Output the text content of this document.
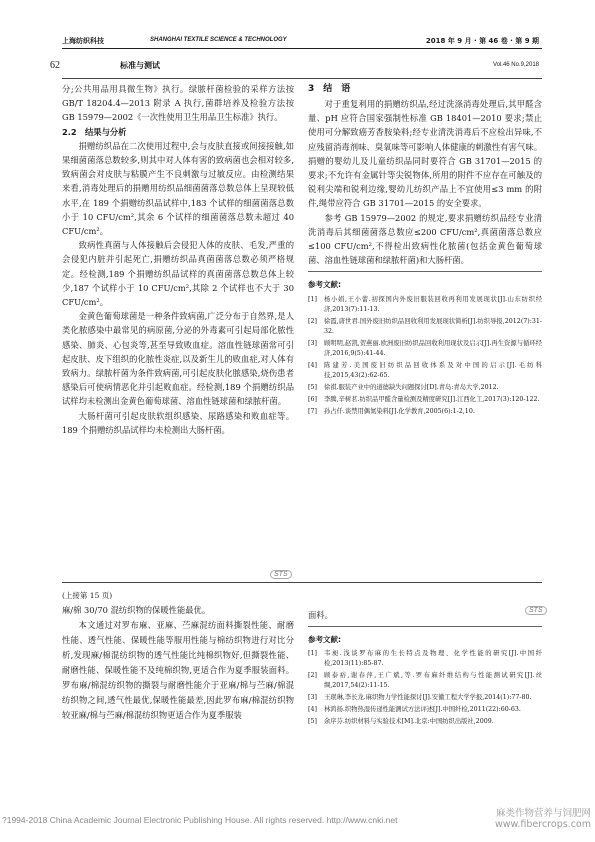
上海纺织科技	SHANGHAI TEXTILE SCIENCE & TECHNOLOGY	2018 年 9 月 · 第 46 卷 · 第 9 期
62	标准与测试	Vol.46 No.9,2018

分;公共用品用具微生物》执行。绿脓杆菌检验的采样方法按 GB/T 18204.4—2013 附录 A 执行,菌群培养及检验方法按 GB 15979—2002《一次性使用卫生用品卫生标准》执行。

2.2　结果与分析

捐赠纺织品在二次使用过程中,会与皮肤直接或间接接触,如果细菌菌落总数较多,则其中对人体有害的致病菌也会相对较多,致病菌会对皮肤与粘膜产生不良刺激与过敏反应。由检测结果来看,消毒处理后的捐赠用纺织品细菌菌落总数总体上呈现较低水平,在 189 个捐赠纺织品试样中,183 个试样的细菌菌落总数小于 10 CFU/cm²,其余 6 个试样的细菌菌落总数未超过 40 CFU/cm²。

致病性真菌与人体接触后会侵犯人体的皮肤、毛发,严重的会侵犯内脏并引起死亡,捐赠纺织品真菌菌落总数必须严格规定。经检测,189 个捐赠纺织品试样的真菌菌落总数总体上较少,187 个试样小于 10 CFU/cm²,其除 2 个试样也不大于 30 CFU/cm²。

金黄色葡萄球菌是一种条件致病菌,广泛分布于自然界,是人类化脓感染中最常见的病原菌,分泌的外毒素可引起局部化脓性感染、肺炎、心包炎等,甚至导致败血症。溶血性链球菌常可引起皮肤、皮下组织的化脓性炎症,以及新生儿的败血症,对人体有致病力。绿脓杆菌为条件致病菌,可引起皮肤化脓感染,烧伤患者感染后可使病情恶化并引起败血症。经检测,189 个捐赠纺织品试样均未检测出金黄色葡萄球菌、溶血性链球菌和绿脓杆菌。

大肠杆菌可引起皮肤软组织感染、尿路感染和败血症等。189 个捐赠纺织品试样均未检测出大肠杆菌。

3　结　语

对于重复利用的捐赠纺织品,经过洗涤消毒处理后,其甲醛含量、pH 应符合国家强制性标准 GB 18401—2010 要求;禁止使用可分解致癌芳香胺染料;经专业清洗消毒后不应检出异味,不应残留消毒剂味、臭氧味等可影响人体健康的刺激性有害气味。捐赠的婴幼儿及儿童纺织品同时要符合 GB 31701—2015 的要求;不允许有金属针等尖锐物体,所用的附件不应存在可触及的锐利尖端和锐利边缘,婴幼儿纺织产品上不宜使用≤3 mm 的附件,绳带应符合 GB 31701—2015 的安全要求。

参考 GB 15979—2002 的规定,要求捐赠纺织品经专业清洗消毒后其细菌菌落总数应≤200 CFU/cm²,真菌菌落总数应≤100 CFU/cm²,不得检出致病性化脓菌(包括金黄色葡萄球菌、溶血性链球菌和绿脓杆菌)和大肠杆菌。

参考文献:
[1]	杨小娟,王小蕾.初探国内外废旧服装回收再利用发展现状[J].山东纺织经济,2013(7):11-13.
[2]	徐霞,唐世君.国外废旧纺织品回收利用发展现状简析[J].纺织导报,2012(7):31-32.
[3]	顾明明,赵凯,贺燕丽.欧洲废旧纺织品回收利用现状及启示[J].再生资源与循环经济,2016,9(5):41-44.
[4]	陈建芳.美国废旧纺织品回收体系及对中国的启示[J].毛纺科技,2015,43(2):62-65.
[5]	徐祺.服装产业中的道德缺失问题探讨[D].青岛:青岛大学,2012.
[6]	李腾,辛树茗.纺织品甲醛含量检测及精度研究[J].江西化工,2017(3):120-122.
[7]	孙占仟.谈禁用偶氮染料[J].化学教育,2005(6):1-2,10.
STS

(上接第 15 页)

麻/棉 30/70 混纺织物的保暖性能最优。

本文通过对罗布麻、亚麻、苎麻混纺面料撕裂性能、耐磨性能、透气性能、保暖性能等服用性能与棉纺织物进行对比分析,发现麻/棉混纺织物的透气性能比纯棉织物好,但撕裂性能、耐磨性能、保暖性能不及纯棉织物,更适合作为夏季服装面料。罗布麻/棉混纺织物的撕裂与耐磨性能介于亚麻/棉与苎麻/棉混纺织物之间,透气性最优,保暖性能最差,因此罗布麻/棉混纺织物较亚麻/棉与苎麻/棉混纺织物更适合作为夏季服装

面料。

参考文献:
[1]	韦昶.浅谈罗布麻的生长特点及物理、化学性能的研究[J].中国纤检,2013(11):85-87.
[2]	顾泰裕,谢春萍,王广斌,等.罗布麻纤维结构与性能测试研究[J].丝绸,2017,54(2):11-15.
[3]	王珉琳,李长龙.麻织物力学性能探讨[J].安徽工程大学学报,2014(1):77-80.
[4]	林鸿扬.织物热湿传递性能测试方法评述[J].中国纤检,2011(22):60-63.
[5]	余序芬.纺织材料与实验技术[M].北京:中国纺织出版社,2009.
STS
?1994-2018 China Academic Journal Electronic Publishing House. All rights reserved. http://www.cnki.net
麻类作物营养与饲肥网
www.fibercrops.com
